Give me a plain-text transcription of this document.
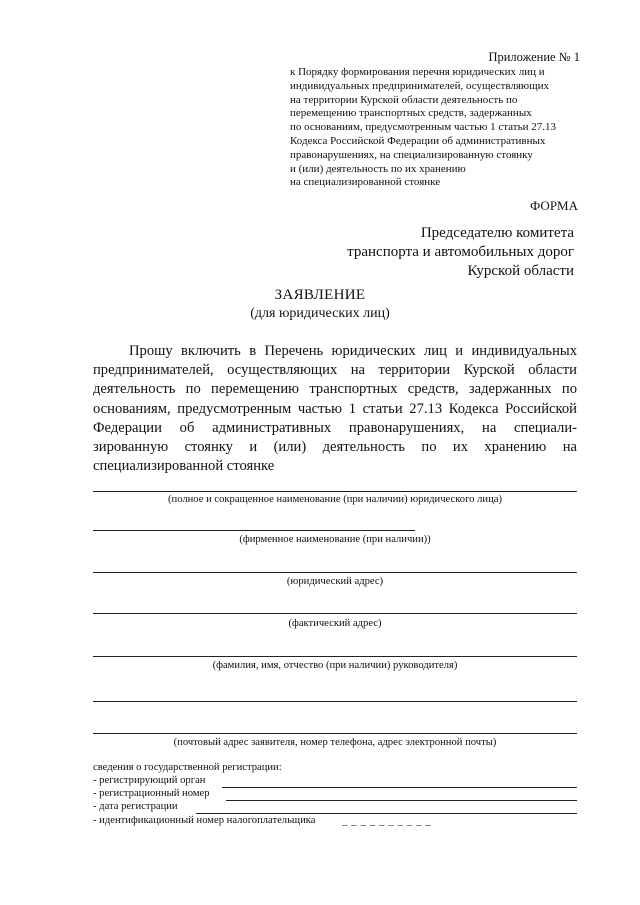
Приложение № 1
к Порядку формирования перечня юридических лиц и
индивидуальных предпринимателей, осуществляющих
на территории Курской области деятельность по
перемещению транспортных средств, задержанных
по основаниям, предусмотренным частью 1 статьи 27.13
Кодекса Российской Федерации об административных
правонарушениях, на специализированную стоянку
и (или) деятельность по их хранению
на специализированной стоянке
ФОРМА
Председателю комитета
транспорта и автомобильных дорог
Курской области
ЗАЯВЛЕНИЕ
(для юридических лиц)
Прошу включить в Перечень юридических лиц и индивидуальных
предпринимателей, осуществляющих на территории Курской области
деятельность по перемещению транспортных средств, задержанных по
основаниям, предусмотренным частью 1 статьи 27.13 Кодекса Российской
Федерации об административных правонарушениях, на специали-
зированную стоянку и (или) деятельность по их хранению на
специализированной стоянке
(полное и сокращенное наименование (при наличии) юридического лица)
(фирменное наименование (при наличии))
(юридический адрес)
(фактический адрес)
(фамилия, имя, отчество (при наличии) руководителя)
(почтовый адрес заявителя, номер телефона, адрес электронной почты)
сведения о государственной регистрации:
- регистрирующий орган
- регистрационный номер
- дата регистрации
- идентификационный номер налогоплательщика _ _ _ _ _ _ _ _ _ _
